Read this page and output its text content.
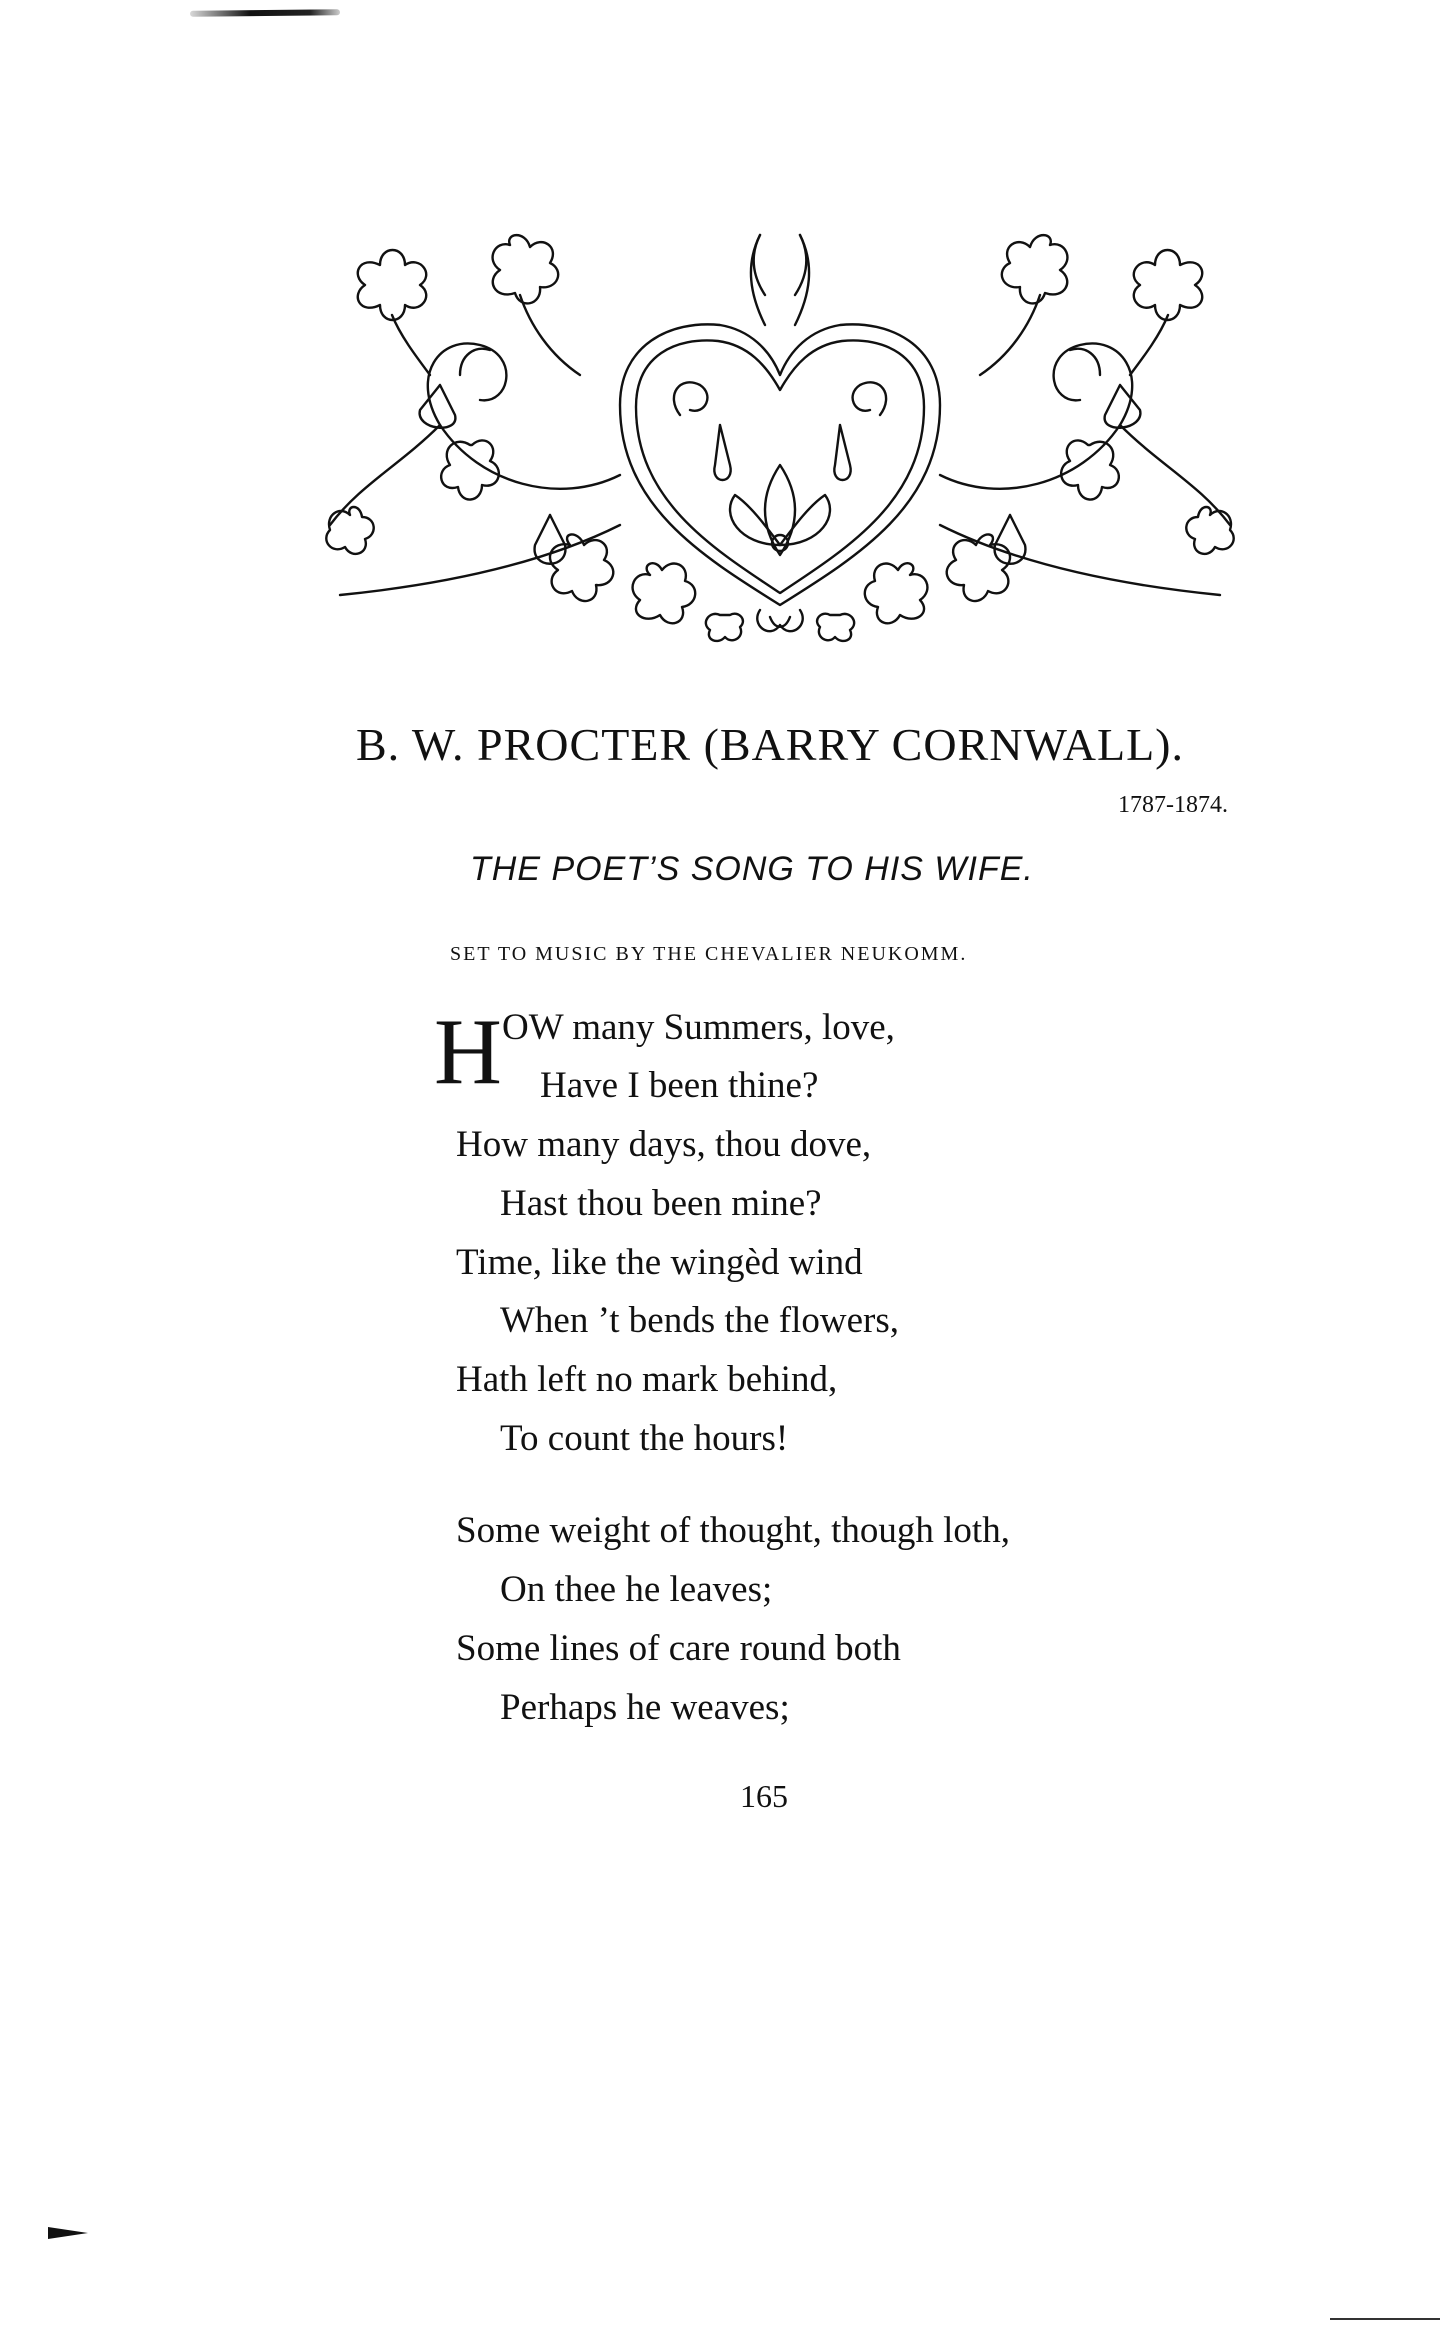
B. W. PROCTER (BARRY CORNWALL).
1787-1874.
THE POET’S SONG TO HIS WIFE.
SET TO MUSIC BY THE CHEVALIER NEUKOMM.
H OW many Summers, love,
Have I been thine?
How many days, thou dove,
Hast thou been mine?
Time, like the wingèd wind
When ’t bends the flowers,
Hath left no mark behind,
To count the hours!
Some weight of thought, though loth,
On thee he leaves;
Some lines of care round both
Perhaps he weaves;
165
